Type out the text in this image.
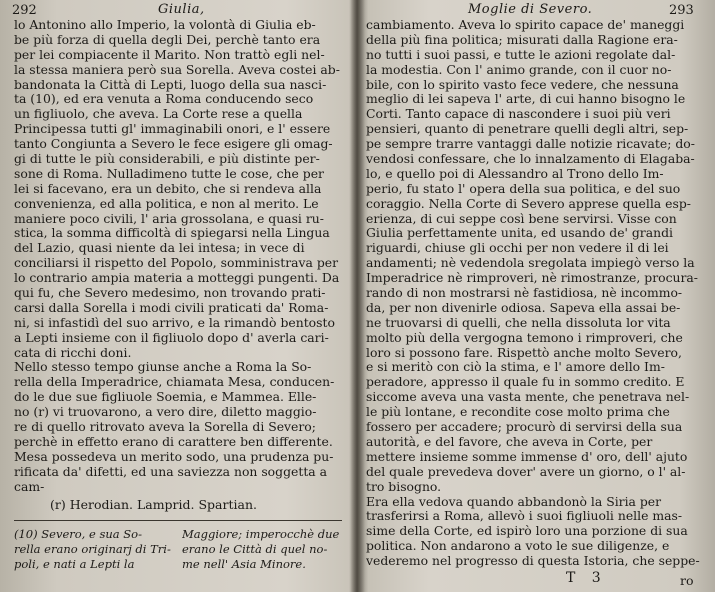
292	Giulia,
lo Antonino allo Imperio, la volontà di Giulia eb-
be più forza di quella degli Dei, perchè tanto era
per lei compiacente il Marito. Non trattò egli nel-
la stessa maniera però sua Sorella. Aveva costei ab-
bandonata la Città di Lepti, luogo della sua nasci-
ta (10), ed era venuta a Roma conducendo seco
un figliuolo, che aveva. La Corte rese a quella
Principessa tutti gl' immaginabili onori, e l' essere
tanto Congiunta a Severo le fece esigere gli omag-
gi di tutte le più considerabili, e più distinte per-
sone di Roma. Nulladimeno tutte le cose, che per
lei si facevano, era un debito, che si rendeva alla
convenienza, ed alla politica, e non al merito. Le
maniere poco civili, l' aria grossolana, e quasi ru-
stica, la somma difficoltà di spiegarsi nella Lingua
del Lazio, quasi niente da lei intesa; in vece di
conciliarsi il rispetto del Popolo, somministrava per
lo contrario ampia materia a motteggi pungenti. Da
qui fu, che Severo medesimo, non trovando prati-
carsi dalla Sorella i modi civili praticati da' Roma-
ni, si infastidì del suo arrivo, e la rimandò bentosto
a Lepti insieme con il figliuolo dopo d' averla cari-
cata di ricchi doni.
Nello stesso tempo giunse anche a Roma la So-
rella della Imperadrice, chiamata Mesa, conducen-
do le due sue figliuole Soemia, e Mammea. Elle-
no (r) vi truovarono, a vero dire, diletto maggio-
re di quello ritrovato aveva la Sorella di Severo;
perchè in effetto erano di carattere ben differente.
Mesa possedeva un merito sodo, una prudenza pu-
rificata da' difetti, ed una saviezza non soggetta a
cam-
(r) Herodian. Lamprid. Spartian.
(10) Severo, e sua So-
rella erano originarj di Tri-
poli, e nati a Lepti la
Maggiore; imperocchè due
erano le Città di quel no-
me nell' Asia Minore.
Moglie di Severo.	293
cambiamento. Aveva lo spirito capace de' maneggi
della più fina politica; misurati dalla Ragione era-
no tutti i suoi passi, e tutte le azioni regolate dal-
la modestia. Con l' animo grande, con il cuor no-
bile, con lo spirito vasto fece vedere, che nessuna
meglio di lei sapeva l' arte, di cui hanno bisogno le
Corti. Tanto capace di nascondere i suoi più veri
pensieri, quanto di penetrare quelli degli altri, sep-
pe sempre trarre vantaggi dalle notizie ricavate; do-
vendosi confessare, che lo innalzamento di Elagaba-
lo, e quello poi di Alessandro al Trono dello Im-
perio, fu stato l' opera della sua politica, e del suo
coraggio. Nella Corte di Severo apprese quella esp-
erienza, di cui seppe così bene servirsi. Visse con
Giulia perfettamente unita, ed usando de' grandi
riguardi, chiuse gli occhi per non vedere il di lei
andamenti; nè vedendola sregolata impiegò verso la
Imperadrice nè rimproveri, nè rimostranze, procura-
rando di non mostrarsi nè fastidiosa, nè incommo-
da, per non divenirle odiosa. Sapeva ella assai be-
ne truovarsi di quelli, che nella dissoluta lor vita
molto più della vergogna temono i rimproveri, che
loro si possono fare. Rispettò anche molto Severo,
e si meritò con ciò la stima, e l' amore dello Im-
peradore, appresso il quale fu in sommo credito. E
siccome aveva una vasta mente, che penetrava nel-
le più lontane, e recondite cose molto prima che
fossero per accadere; procurò di servirsi della sua
autorità, e del favore, che aveva in Corte, per
mettere insieme somme immense d' oro, dell' ajuto
del quale prevedeva dover' avere un giorno, o l' al-
tro bisogno.
Era ella vedova quando abbandonò la Siria per
trasferirsi a Roma, allevò i suoi figliuoli nelle mas-
sime della Corte, ed ispirò loro una porzione di sua
politica. Non andarono a voto le sue diligenze, e
vederemo nel progresso di questa Istoria, che seppe-
T 3	ro
